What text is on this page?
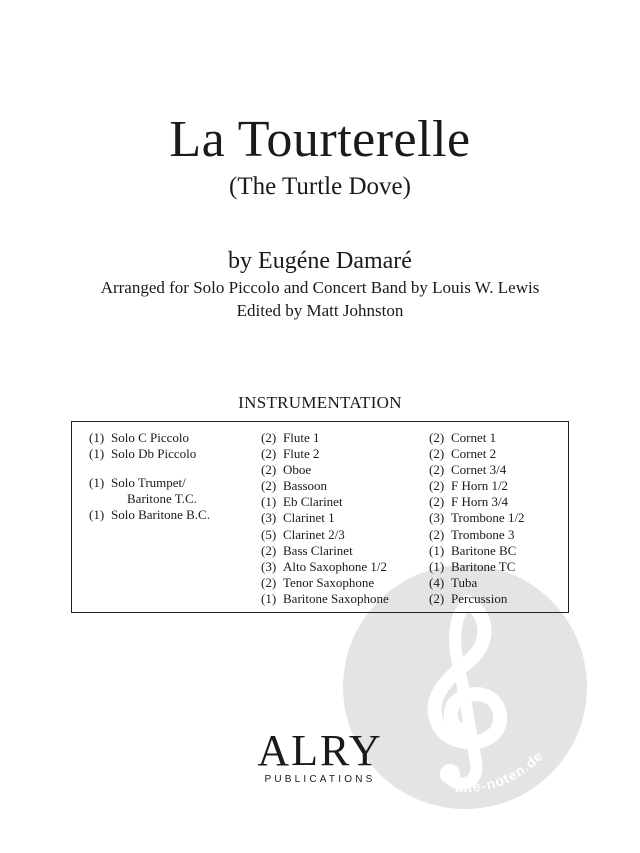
La Tourterelle
(The Turtle Dove)
by Eugéne Damaré
Arranged for Solo Piccolo and Concert Band by Louis W. Lewis
Edited by Matt Johnston
INSTRUMENTATION
alle-noten.de
(1) Solo C Piccolo
(1) Solo Db Piccolo
(1) Solo Trumpet/
Baritone T.C.
(1) Solo Baritone B.C.
(2) Flute 1
(2) Flute 2
(2) Oboe
(2) Bassoon
(1) Eb Clarinet
(3) Clarinet 1
(5) Clarinet 2/3
(2) Bass Clarinet
(3) Alto Saxophone 1/2
(2) Tenor Saxophone
(1) Baritone Saxophone
(2) Cornet 1
(2) Cornet 2
(2) Cornet 3/4
(2) F Horn 1/2
(2) F Horn 3/4
(3) Trombone 1/2
(2) Trombone 3
(1) Baritone BC
(1) Baritone TC
(4) Tuba
(2) Percussion
ALRY
PUBLICATIONS
